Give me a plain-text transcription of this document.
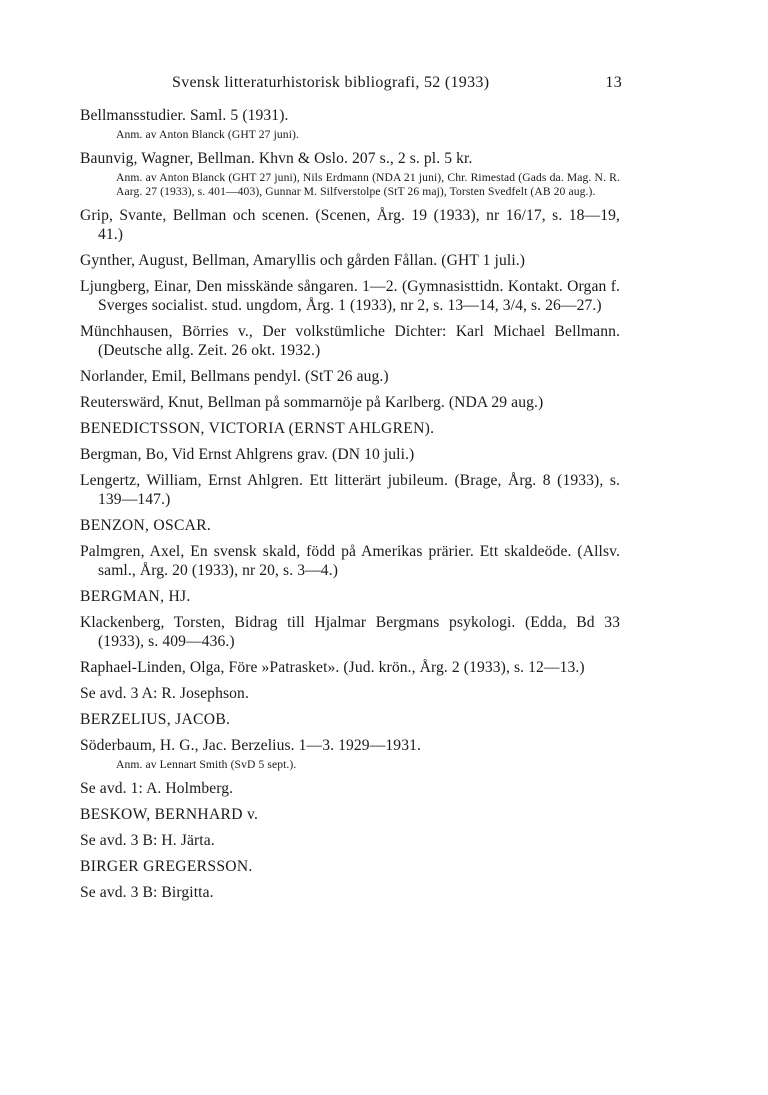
Svensk litteraturhistorisk bibliografi, 52 (1933)	13
Bellmansstudier. Saml. 5 (1931).
Anm. av Anton Blanck (GHT 27 juni).
Baunvig, Wagner, Bellman. Khvn & Oslo. 207 s., 2 s. pl. 5 kr.
Anm. av Anton Blanck (GHT 27 juni), Nils Erdmann (NDA 21 juni), Chr. Rimestad (Gads da. Mag. N. R. Aarg. 27 (1933), s. 401—403), Gunnar M. Silfverstolpe (StT 26 maj), Torsten Svedfelt (AB 20 aug.).
Grip, Svante, Bellman och scenen. (Scenen, Årg. 19 (1933), nr 16/17, s. 18—19, 41.)
Gynther, August, Bellman, Amaryllis och gården Fållan. (GHT 1 juli.)
Ljungberg, Einar, Den misskände sångaren. 1—2. (Gymnasisttidn. Kontakt. Organ f. Sverges socialist. stud. ungdom, Årg. 1 (1933), nr 2, s. 13—14, 3/4, s. 26—27.)
Münchhausen, Börries v., Der volkstümliche Dichter: Karl Michael Bellmann. (Deutsche allg. Zeit. 26 okt. 1932.)
Norlander, Emil, Bellmans pendyl. (StT 26 aug.)
Reuterswärd, Knut, Bellman på sommarnöje på Karlberg. (NDA 29 aug.)
BENEDICTSSON, VICTORIA (ERNST AHLGREN).
Bergman, Bo, Vid Ernst Ahlgrens grav. (DN 10 juli.)
Lengertz, William, Ernst Ahlgren. Ett litterärt jubileum. (Brage, Årg. 8 (1933), s. 139—147.)
BENZON, OSCAR.
Palmgren, Axel, En svensk skald, född på Amerikas prärier. Ett skaldeöde. (Allsv. saml., Årg. 20 (1933), nr 20, s. 3—4.)
BERGMAN, HJ.
Klackenberg, Torsten, Bidrag till Hjalmar Bergmans psykologi. (Edda, Bd 33 (1933), s. 409—436.)
Raphael-Linden, Olga, Före »Patrasket». (Jud. krön., Årg. 2 (1933), s. 12—13.)
Se avd. 3 A: R. Josephson.
BERZELIUS, JACOB.
Söderbaum, H. G., Jac. Berzelius. 1—3. 1929—1931.
Anm. av Lennart Smith (SvD 5 sept.).
Se avd. 1: A. Holmberg.
BESKOW, BERNHARD v.
Se avd. 3 B: H. Järta.
BIRGER GREGERSSON.
Se avd. 3 B: Birgitta.
